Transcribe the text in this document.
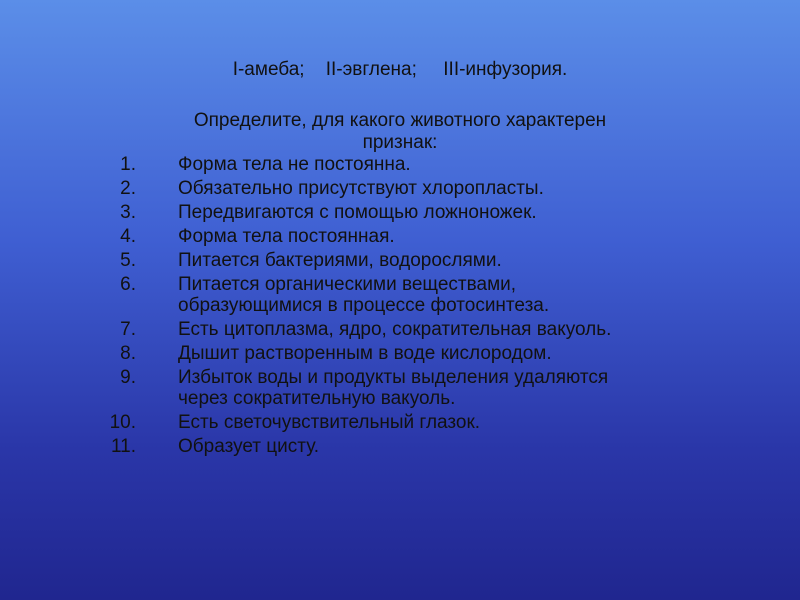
I-амеба;    II-эвглена;     III-инфузория.
Определите, для какого животного характерен признак:
1. Форма тела не постоянна.
2. Обязательно присутствуют хлоропласты.
3. Передвигаются с помощью ложноножек.
4. Форма тела постоянная.
5. Питается бактериями, водорослями.
6. Питается органическими веществами, образующимися в процессе фотосинтеза.
7. Есть цитоплазма, ядро, сократительная вакуоль.
8. Дышит растворенным в воде кислородом.
9. Избыток воды и продукты выделения удаляются через сократительную вакуоль.
10. Есть светочувствительный глазок.
11. Образует цисту.
